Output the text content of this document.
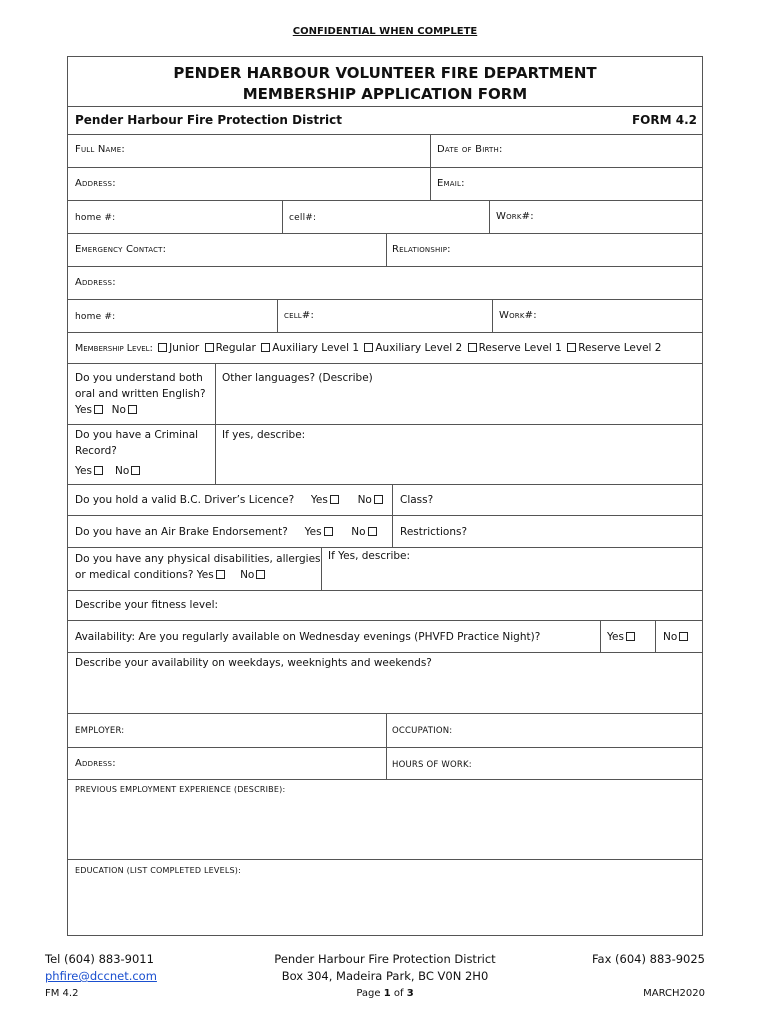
CONFIDENTIAL WHEN COMPLETE
PENDER HARBOUR VOLUNTEER FIRE DEPARTMENT
MEMBERSHIP APPLICATION FORM
Pender Harbour Fire Protection District	FORM 4.2
Full Name:	Date of Birth:
Address:	Email:
home #:	cell#:	Work#:
Emergency Contact:	Relationship:
Address:
home #:	cell#:	Work#:
Membership Level: Junior Regular Auxiliary Level 1 Auxiliary Level 2 Reserve Level 1 Reserve Level 2
Do you understand both
oral and written English?
Yes No
Other languages? (Describe)
Do you have a Criminal
Record?
Yes No
If yes, describe:
Do you hold a valid B.C. Driver’s Licence? Yes	No	Class?
Do you have an Air Brake Endorsement? Yes	No	Restrictions?
Do you have any physical disabilities, allergies
or medical conditions? Yes	No
If Yes, describe:
Describe your fitness level:
Availability: Are you regularly available on Wednesday evenings (PHVFD Practice Night)?	Yes	No
Describe your availability on weekdays, weeknights and weekends?
EMPLOYER:	OCCUPATION:
Address:	HOURS OF WORK:
PREVIOUS EMPLOYMENT EXPERIENCE (DESCRIBE):
EDUCATION (LIST COMPLETED LEVELS):
Tel (604) 883-9011
phfire@dccnet.com
FM 4.2
Pender Harbour Fire Protection District
Box 304, Madeira Park, BC V0N 2H0
Page 1 of 3
Fax (604) 883-9025

MARCH2020
